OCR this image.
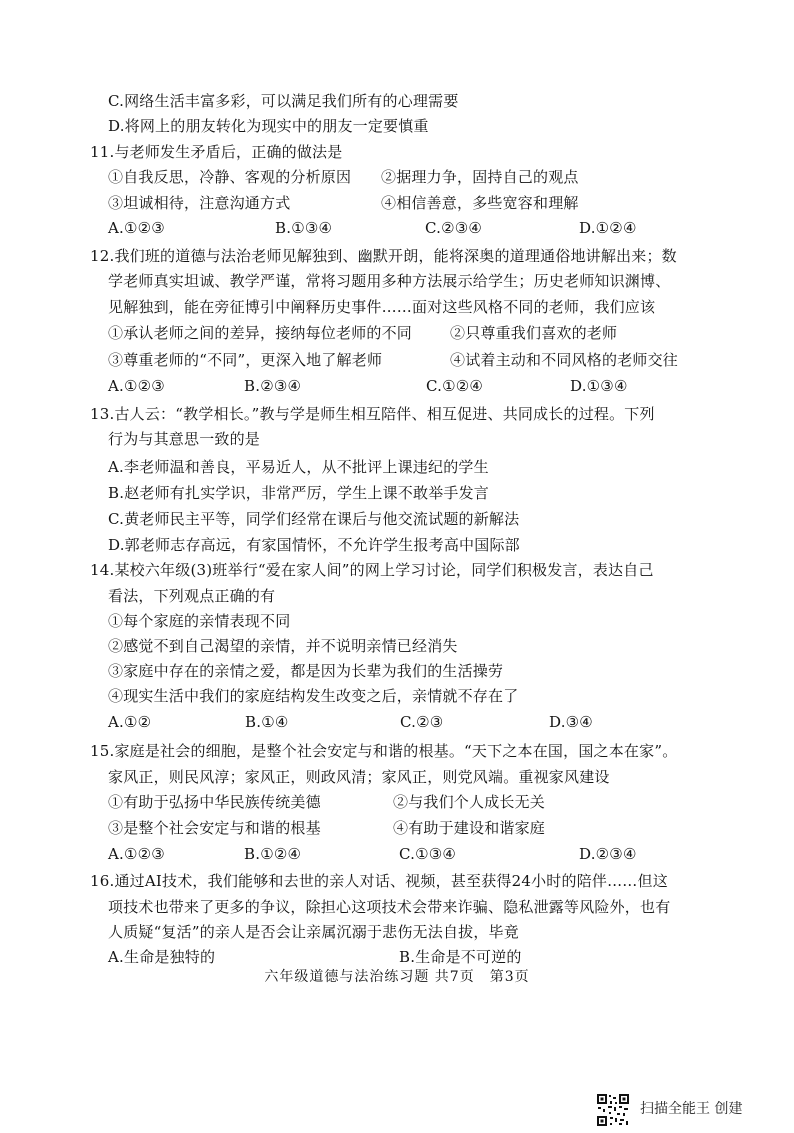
C.网络生活丰富多彩，可以满足我们所有的心理需要
D.将网上的朋友转化为现实中的朋友一定要慎重
11.与老师发生矛盾后，正确的做法是
①自我反思，冷静、客观的分析原因 ②据理力争，固持自己的观点
③坦诚相待，注意沟通方式	④相信善意，多些宽容和理解
A.①②③	B.①③④	C.②③④	D.①②④
12.我们班的道德与法治老师见解独到、幽默开朗，能将深奥的道理通俗地讲解出来；数
学老师真实坦诚、教学严谨，常将习题用多种方法展示给学生；历史老师知识渊博、
见解独到，能在旁征博引中阐释历史事件……面对这些风格不同的老师，我们应该
①承认老师之间的差异，接纳每位老师的不同	②只尊重我们喜欢的老师
③尊重老师的“不同”，更深入地了解老师	④试着主动和不同风格的老师交往
A.①②③	B.②③④	C.①②④	D.①③④
13.古人云：“教学相长。”教与学是师生相互陪伴、相互促进、共同成长的过程。下列
行为与其意思一致的是
A.李老师温和善良，平易近人，从不批评上课违纪的学生
B.赵老师有扎实学识，非常严厉，学生上课不敢举手发言
C.黄老师民主平等，同学们经常在课后与他交流试题的新解法
D.郭老师志存高远，有家国情怀，不允许学生报考高中国际部
14.某校六年级(3)班举行“爱在家人间”的网上学习讨论，同学们积极发言，表达自己
看法，下列观点正确的有
①每个家庭的亲情表现不同
②感觉不到自己渴望的亲情，并不说明亲情已经消失
③家庭中存在的亲情之爱，都是因为长辈为我们的生活操劳
④现实生活中我们的家庭结构发生改变之后，亲情就不存在了
A.①②	B.①④	C.②③	D.③④
15.家庭是社会的细胞，是整个社会安定与和谐的根基。“天下之本在国，国之本在家”。
家风正，则民风淳；家风正，则政风清；家风正，则党风端。重视家风建设
①有助于弘扬中华民族传统美德	②与我们个人成长无关
③是整个社会安定与和谐的根基	④有助于建设和谐家庭
A.①②③	B.①②④	C.①③④	D.②③④
16.通过AI技术，我们能够和去世的亲人对话、视频，甚至获得24小时的陪伴……但这
项技术也带来了更多的争议，除担心这项技术会带来诈骗、隐私泄露等风险外，也有
人质疑“复活”的亲人是否会让亲属沉溺于悲伤无法自拔，毕竟
A.生命是独特的	B.生命是不可逆的
六年级道德与法治练习题 共7页　第3页
扫描全能王 创建
